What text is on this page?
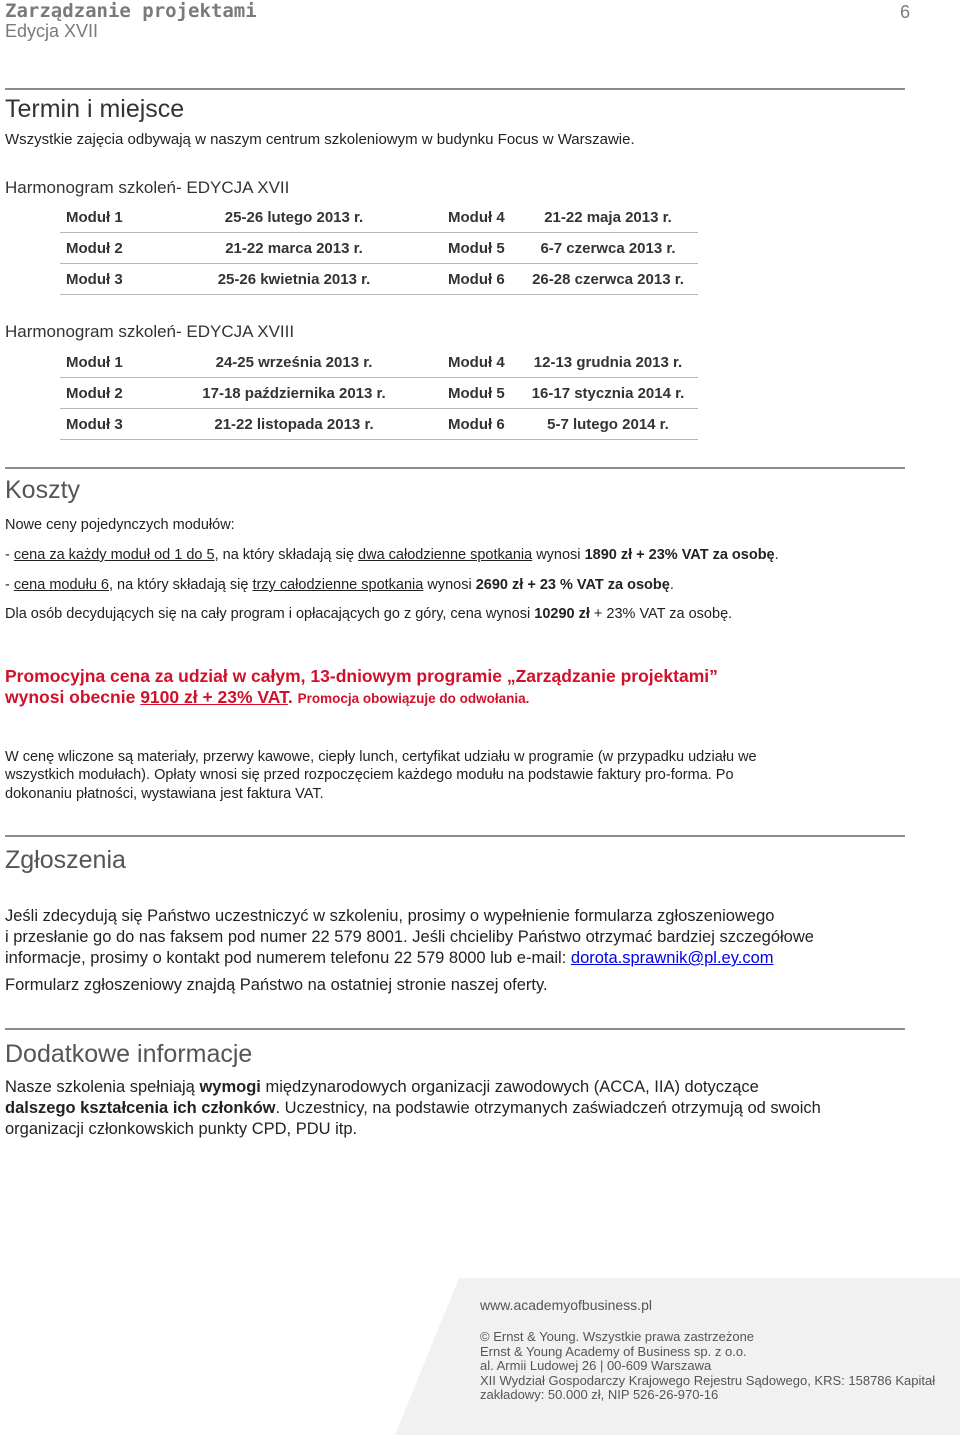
Zarządzanie projektami
Edycja XVII
6
Termin i miejsce
Wszystkie zajęcia odbywają w naszym centrum szkoleniowym w budynku Focus w Warszawie.
Harmonogram szkoleń- EDYCJA XVII
Moduł 1	25-26 lutego 2013 r.	Moduł 4	21-22 maja 2013 r.
Moduł 2	21-22 marca 2013 r.	Moduł 5	6-7 czerwca 2013 r.
Moduł 3	25-26 kwietnia 2013 r.	Moduł 6	26-28 czerwca 2013 r.
Harmonogram szkoleń- EDYCJA XVIII
Moduł 1	24-25 września 2013 r.	Moduł 4	12-13 grudnia 2013 r.
Moduł 2	17-18 października 2013 r.	Moduł 5	16-17 stycznia 2014 r.
Moduł 3	21-22 listopada 2013 r.	Moduł 6	5-7 lutego 2014 r.
Koszty
Nowe ceny pojedynczych modułów:
- cena za każdy moduł od 1 do 5, na który składają się dwa całodzienne spotkania wynosi 1890 zł + 23% VAT za osobę.
- cena modułu 6, na który składają się trzy całodzienne spotkania wynosi 2690 zł + 23 % VAT za osobę.
Dla osób decydujących się na cały program i opłacających go z góry, cena wynosi 10290 zł + 23% VAT za osobę.
Promocyjna cena za udział w całym, 13-dniowym programie „Zarządzanie projektami”
wynosi obecnie 9100 zł + 23% VAT. Promocja obowiązuje do odwołania.
W cenę wliczone są materiały, przerwy kawowe, ciepły lunch, certyfikat udziału w programie (w przypadku udziału we
wszystkich modułach). Opłaty wnosi się przed rozpoczęciem każdego modułu na podstawie faktury pro-forma. Po
dokonaniu płatności, wystawiana jest faktura VAT.
Zgłoszenia
Jeśli zdecydują się Państwo uczestniczyć w szkoleniu, prosimy o wypełnienie formularza zgłoszeniowego
i przesłanie go do nas faksem pod numer 22 579 8001. Jeśli chcieliby Państwo otrzymać bardziej szczegółowe
informacje, prosimy o kontakt pod numerem telefonu 22 579 8000 lub e-mail: dorota.sprawnik@pl.ey.com
Formularz zgłoszeniowy znajdą Państwo na ostatniej stronie naszej oferty.
Dodatkowe informacje
Nasze szkolenia spełniają wymogi międzynarodowych organizacji zawodowych (ACCA, IIA) dotyczące
dalszego kształcenia ich członków. Uczestnicy, na podstawie otrzymanych zaświadczeń otrzymują od swoich
organizacji członkowskich punkty CPD, PDU itp.
www.academyofbusiness.pl
© Ernst & Young. Wszystkie prawa zastrzeżone
Ernst & Young Academy of Business sp. z o.o.
al. Armii Ludowej 26 | 00-609 Warszawa
XII Wydział Gospodarczy Krajowego Rejestru Sądowego, KRS: 158786 Kapitał
zakładowy: 50.000 zł, NIP 526-26-970-16
